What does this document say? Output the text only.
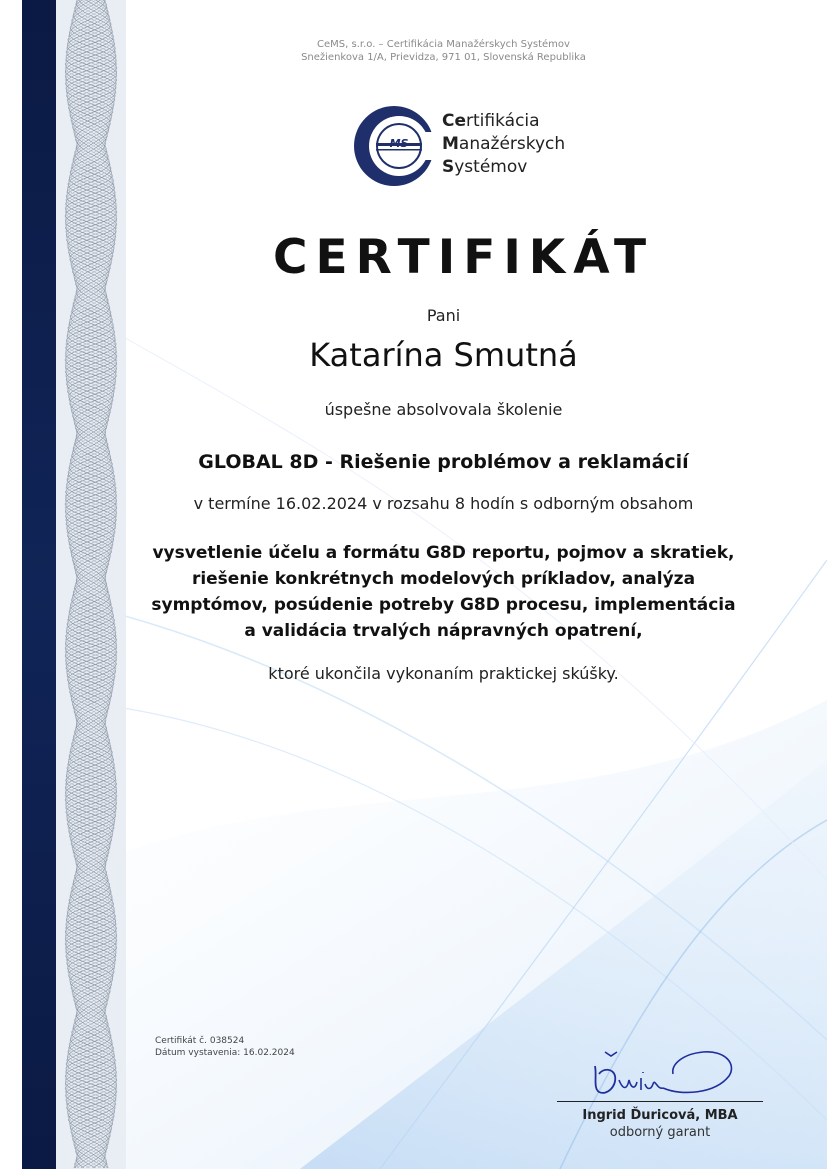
CeMS, s.r.o. – Certifikácia Manažérskych Systémov
Snežienkova 1/A, Prievidza, 971 01, Slovenská Republika
MS
Certifikácia
Manažérskych
Systémov
CERTIFIKÁT
Pani
Katarína Smutná
úspešne absolvovala školenie
GLOBAL 8D - Riešenie problémov a reklamácií
v termíne 16.02.2024 v rozsahu 8 hodín s odborným obsahom
vysvetlenie účelu a formátu G8D reportu, pojmov a skratiek,
riešenie konkrétnych modelových príkladov, analýza
symptómov, posúdenie potreby G8D procesu, implementácia
a validácia trvalých nápravných opatrení,
ktoré ukončila vykonaním praktickej skúšky.
Certifikát č. 038524
Dátum vystavenia: 16.02.2024
Ingrid Ďuricová, MBA
odborný garant
